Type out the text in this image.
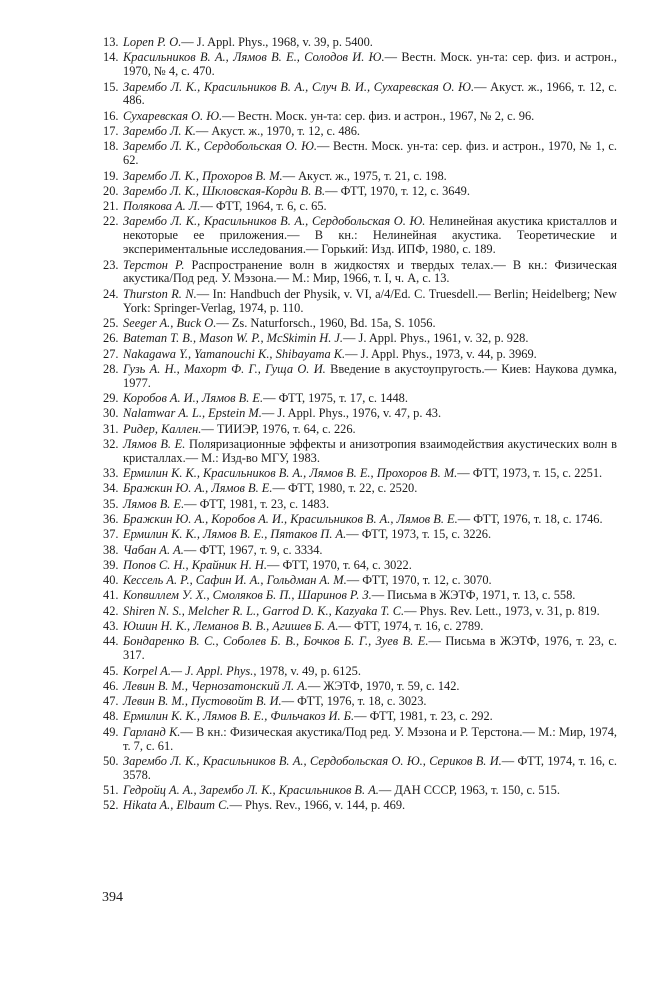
13. Lopen P. O.— J. Appl. Phys., 1968, v. 39, p. 5400.
14. Красильников В. А., Лямов В. Е., Солодов И. Ю.— Вестн. Моск. ун-та: сер. физ. и астрон., 1970, № 4, с. 470.
15. Зарембо Л. К., Красильников В. А., Случ В. И., Сухаревская О. Ю.— Акуст. ж., 1966, т. 12, с. 486.
16. Сухаревская О. Ю.— Вестн. Моск. ун-та: сер. физ. и астрон., 1967, № 2, с. 96.
17. Зарембо Л. К.— Акуст. ж., 1970, т. 12, с. 486.
18. Зарембо Л. К., Сердобольская О. Ю.— Вестн. Моск. ун-та: сер. физ. и астрон., 1970, № 1, с. 62.
19. Зарембо Л. К., Прохоров В. М.— Акуст. ж., 1975, т. 21, с. 198.
20. Зарембо Л. К., Шкловская-Корди В. В.— ФТТ, 1970, т. 12, с. 3649.
21. Полякова А. Л.— ФТТ, 1964, т. 6, с. 65.
22. Зарембо Л. К., Красильников В. А., Сердобольская О. Ю. Нелинейная акустика кристаллов и некоторые ее приложения.— В кн.: Нелинейная акустика. Теоретические и экспериментальные исследования.— Горький: Изд. ИПФ, 1980, с. 189.
23. Терстон Р. Распространение волн в жидкостях и твердых телах.— В кн.: Физическая акустика/Под ред. У. Мэзона.— М.: Мир, 1966, т. I, ч. А, с. 13.
24. Thurston R. N.— In: Handbuch der Physik, v. VI, a/4/Ed. C. Truesdell.— Berlin; Heidelberg; New York: Springer-Verlag, 1974, p. 110.
25. Seeger A., Buck O.— Zs. Naturforsch., 1960, Bd. 15a, S. 1056.
26. Bateman T. B., Mason W. P., McSkimin H. J.— J. Appl. Phys., 1961, v. 32, p. 928.
27. Nakagawa Y., Yamanouchi K., Shibayama K.— J. Appl. Phys., 1973, v. 44, p. 3969.
28. Гузь А. Н., Махорт Ф. Г., Гуща О. И. Введение в акустоупругость.— Киев: Наукова думка, 1977.
29. Коробов А. И., Лямов В. Е.— ФТТ, 1975, т. 17, с. 1448.
30. Nalamwar A. L., Epstein M.— J. Appl. Phys., 1976, v. 47, p. 43.
31. Ридер, Каллен.— ТИИЭР, 1976, т. 64, с. 226.
32. Лямов В. Е. Поляризационные эффекты и анизотропия взаимодействия акустических волн в кристаллах.— М.: Изд-во МГУ, 1983.
33. Ермилин К. К., Красильников В. А., Лямов В. Е., Прохоров В. М.— ФТТ, 1973, т. 15, с. 2251.
34. Бражкин Ю. А., Лямов В. Е.— ФТТ, 1980, т. 22, с. 2520.
35. Лямов В. Е.— ФТТ, 1981, т. 23, с. 1483.
36. Бражкин Ю. А., Коробов А. И., Красильников В. А., Лямов В. Е.— ФТТ, 1976, т. 18, с. 1746.
37. Ермилин К. К., Лямов В. Е., Пятаков П. А.— ФТТ, 1973, т. 15, с. 3226.
38. Чабан А. А.— ФТТ, 1967, т. 9, с. 3334.
39. Попов С. Н., Крайник Н. Н.— ФТТ, 1970, т. 64, с. 3022.
40. Кессель А. Р., Сафин И. А., Гольдман А. М.— ФТТ, 1970, т. 12, с. 3070.
41. Копвиллем У. Х., Смоляков Б. П., Шаринов Р. З.— Письма в ЖЭТФ, 1971, т. 13, с. 558.
42. Shiren N. S., Melcher R. L., Garrod D. K., Kazyaka T. C.— Phys. Rev. Lett., 1973, v. 31, p. 819.
43. Юшин Н. К., Леманов В. В., Агишев Б. А.— ФТТ, 1974, т. 16, с. 2789.
44. Бондаренко В. С., Соболев Б. В., Бочков Б. Г., Зуев В. Е.— Письма в ЖЭТФ, 1976, т. 23, с. 317.
45. Korpel A.— J. Appl. Phys., 1978, v. 49, p. 6125.
46. Левин В. М., Чернозатонский Л. А.— ЖЭТФ, 1970, т. 59, с. 142.
47. Левин В. М., Пустовойт В. И.— ФТТ, 1976, т. 18, с. 3023.
48. Ермилин К. К., Лямов В. Е., Фильчакоз И. Б.— ФТТ, 1981, т. 23, с. 292.
49. Гарланд К.— В кн.: Физическая акустика/Под ред. У. Мэзона и Р. Терстона.— М.: Мир, 1974, т. 7, с. 61.
50. Зарембо Л. К., Красильников В. А., Сердобольская О. Ю., Сериков В. И.— ФТТ, 1974, т. 16, с. 3578.
51. Гедройц А. А., Зарембо Л. К., Красильников В. А.— ДАН СССР, 1963, т. 150, с. 515.
52. Hikata A., Elbaum C.— Phys. Rev., 1966, v. 144, p. 469.
394
